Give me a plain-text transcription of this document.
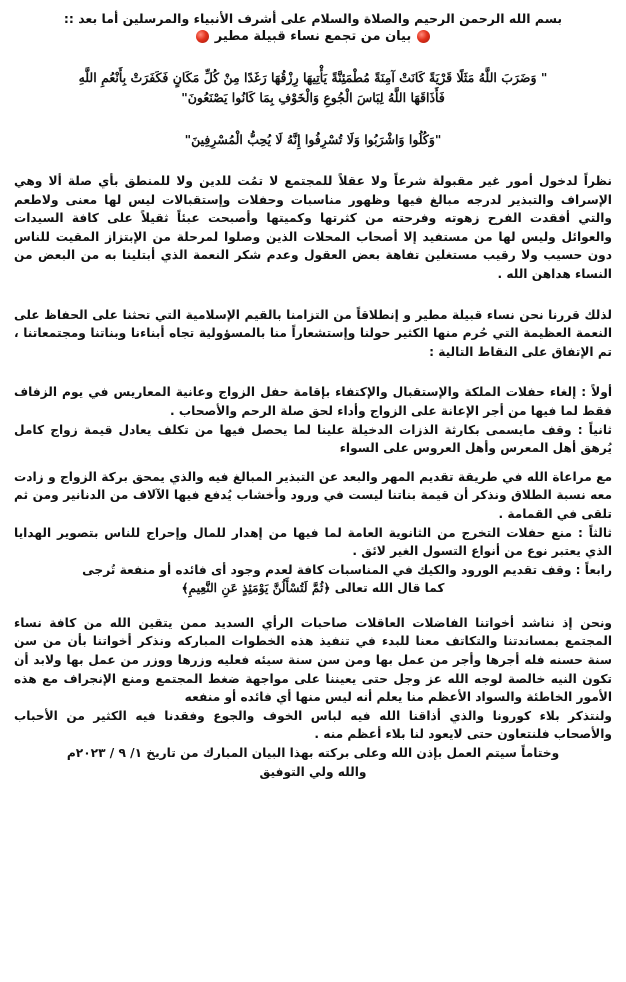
بسم الله الرحمن الرحيم والصلاة والسلام على أشرف الأنبياء والمرسلين أما بعد ::
بيان من تجمع نساء قبيلة مطير
" وَضَرَبَ اللَّهُ مَثَلًا قَرْيَةً كَانَتْ آمِنَةً مُطْمَئِنَّةً يَأْتِيهَا رِزْقُهَا رَغَدًا مِنْ كُلِّ مَكَانٍ فَكَفَرَتْ بِأَنْعُمِ اللَّهِ
فَأَذَاقَهَا اللَّهُ لِبَاسَ الْجُوعِ وَالْخَوْفِ بِمَا كَانُوا يَصْنَعُونَ"
"وَكُلُوا وَاشْرَبُوا وَلَا تُسْرِفُوا إِنَّهُ لَا يُحِبُّ الْمُسْرِفِينَ"

نظراً لدخول أمور غير مقبولة شرعاً ولا عقلاً للمجتمع لا تمُت للدين ولا للمنطق بأي صلة ألا وهي الإسراف والتبذير لدرجه مبالغ فيها وظهور مناسبات وحفلات وإستقبالات ليس لها معنى ولاطعم والتي أفقدت الفرح زهوته وفرحته من كثرتها وكميتها وأصبحت عبئاً ثقيلاً على كافة السيدات والعوائل وليس لها من مستفيد إلا أصحاب المحلات الذين وصلوا لمرحلة من الإبتزاز المقيت للناس دون حسيب ولا رقيب مستغلين تفاهة بعض العقول وعدم شكر النعمة الذي أبتلينا به من البعض من النساء هداهن الله .

لذلك قررنا نحن نساء قبيلة مطير و إنطلاقاً من التزامنا بالقيم الإسلامية التي تحثنا على الحفاظ على النعمة العظيمة التي حُرم منها الكثير حولنا وإستشعاراً منا بالمسؤولية تجاه أبناءنا وبناتنا ومجتمعاتنا ، تم الإتفاق على النقاط التالية :

أولاً : إلغاء حفلات الملكة والإستقبال والإكتفاء بإقامة حفل الزواج وعانية المعاريس في يوم الزفاف فقط لما فيها من أجر الإعانة على الزواج وأداء لحق صلة الرحم والأصحاب .

ثانياً : وقف مايسمى بكارثة الذزات الدخيلة علينا لما يحصل فيها من تكلف يعادل قيمة زواج كامل يُرهق أهل المعرس وأهل العروس على السواء

مع مراعاة الله في طريقة تقديم المهر والبعد عن التبذير المبالغ فيه والذي يمحق بركة الزواج و زادت معه نسبة الطلاق ونذكر أن قيمة بناتنا ليست في ورود وأخشاب يُدفع فيها الآلاف من الدنانير ومن ثم تلقى في القمامة .

ثالثاً : منع حفلات التخرج من الثانوية العامة لما فيها من إهدار للمال وإحراج للناس بتصوير الهدايا الذي يعتبر نوع من أنواع التسول الغير لائق .

رابعاً : وقف تقديم الورود والكيك في المناسبات كافة لعدم وجود أى فائده أو منفعة تُرجى

كما قال الله تعالى ﴿ثُمَّ لَتُسْأَلُنَّ يَوْمَئِذٍ عَنِ النَّعِيمِ﴾

ونحن إذ نناشد أخواتنا الفاضلات العاقلات صاحبات الرأي السديد ممن يتقين الله من كافة نساء المجتمع بمساندتنا والتكاتف معنا للبدء في تنفيذ هذه الخطوات المباركه ونذكر أخواتنا بأن من سن سنة حسنه فله أجرها وأجر من عمل بها ومن سن سنة سيئه فعليه وزرها ووزر من عمل بها ولابد أن تكون النيه خالصة لوجه الله عز وجل حتى يعيننا على مواجهة ضغط المجتمع ومنع الإنجراف مع هذه الأمور الخاطئة والسواد الأعظم منا يعلم أنه ليس منها أي فائده أو منفعه

ولنتذكر بلاء كورونا والذي أذاقنا الله فيه لباس الخوف والجوع وفقدنا فيه الكثير من الأحباب والأصحاب فلنتعاون حتى لايعود لنا بلاء أعظم منه .

وختاماً سيتم العمل بإذن الله وعلى بركته بهذا البيان المبارك من تاريخ ١/ ٩ / ٢٠٢٣م

والله ولي التوفيق
